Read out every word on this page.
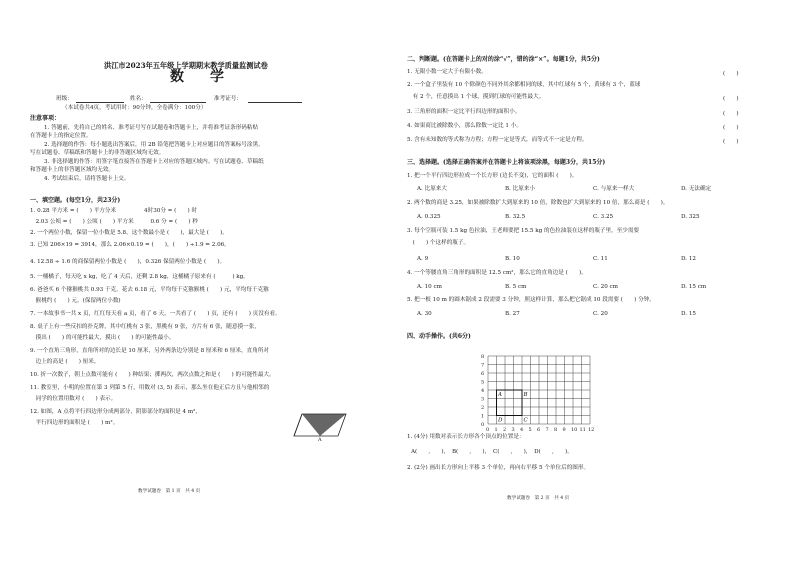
洪江市2023年五年级上学期期末教学质量监测试卷
数　学
班级：	姓名：	准考证号：
（本试卷共4页，考试用时：90分钟，全卷满分：100分）
注意事项：
1. 答题前，先将自己的姓名、准考证号写在试题卷和答题卡上，并将准考证条形码粘贴
在答题卡上的指定位置。
2. 选择题的作答：每小题选出答案后，用 2B 铅笔把答题卡上对应题目的答案标号涂黑。
写在试题卷、草稿纸和答题卡上的非答题区域均无效。
3. 非选择题的作答：用签字笔直接答在答题卡上对应的答题区域内。写在试题卷、草稿纸
和答题卡上的非答题区域均无效。
4. 考试结束后，请将答题卡上交。
一、填空题。(每空1分，共23分)
1. 0.28 平方米 = (　　) 平方分米　　　　　4时30分 = (　　) 时
　2.03 公顷 = (　　) 公顷 (　　) 平方米　　　0.6 分 = (　　) 秒
2. 一个两位小数，保留一位小数是 5.8，这个数最小是 (　　)，最大是 (　　)。
3. 已知 206×19 = 3914，那么 2.06×0.19 = (　　)，(　　) ÷1.9 = 2.06。
4. 12.58 ÷ 1.6 的商保留两位小数是 (　　)，0.326 保留两位小数是 (　　)。
5. 一桶橘子，每天吃 x kg，吃了 4 天后，还剩 2.8 kg，这桶橘子原来有 (　　　) kg。
6. 爸爸买 6 个猕猴桃共 0.93 千克，花去 6.18 元，平均每千克猕猴桃 (　　) 元，平均每千克猕
　猴桃约 (　　) 元。(保留两位小数)
7. 一本故事书一共 x 页，红红每天看 a 页，看了 6 天，一共看了 (　　) 页，还有 (　　) 页没有看。
8. 桌子上有一些反扣的扑克牌，其中红桃有 3 张，黑桃有 9 张，方片有 6 张，随意摸一张，
　摸出 (　　) 的可能性最大，摸出 (　　) 的可能性最小。
9. 一个直角三角形，直角所对的边长是 10 厘米，另外两条边分别是 8 厘米和 6 厘米，直角所对
　边上的高是 (　　) 厘米。
10. 折一次数子，朝上点数可能有 (　　) 种结果；掷两次，两次点数之和是 (　　) 的可能性最大。
11. 教室里，小明的位置在第 3 列第 5 行，用数对 (3, 5) 表示，那么坐在他正后方且与他相邻的
　同学的位置用数对 (　　) 表示。
12. 如图，A 点将平行四边形分成两部分，阴影部分的面积是 4 m²，
　平行四边形的面积是 (　　) m²。
A
数学试题卷　第 1 页　共 4 页
二、判断题。(在答题卡上的对的涂“√”，错的涂“×”。每题1分，共5分)
1. 无限小数一定大于有限小数。
2. 一个盒子里装有 10 个除颜色不同外其余都相同的球，其中红球有 5 个，黄球有 3 个，蓝球
　有 2 个，任意摸出 1 个球，摸到红球的可能性最大。
3. 三角形的面积一定比平行四边形的面积小。
4. 如果商比被除数小，那么除数一定比 1 小。
5. 含有未知数的等式称为方程；方程一定是等式，而等式不一定是方程。
(　　)
(　　)
(　　)
(　　)
(　　)
三、选择题。(选择正确答案并在答题卡上将该项涂黑，每题3分，共15分)
1. 把一个平行四边形拉成一个长方形 (边长不变)，它的面积 (　　)。
A. 比原来大	B. 比原来小	C. 与原来一样大	D. 无法确定
2. 两个数的商是 3.25，如果被除数扩大到原来的 10 倍，除数也扩大到原来的 10 倍，那么商是 (　　)。
A. 0.325	B. 32.5	C. 3.25	D. 325
3. 每个空瓶可装 1.5 kg 色拉油，王老师要把 15.5 kg 的色拉油装在这样的瓶子里，至少需要
　(　　) 个这样的瓶子。
A. 9	B. 10	C. 11	D. 12
4. 一个等腰直角三角形的面积是 12.5 cm²，那么它的直角边是 (　　)。
A. 10 cm	B. 5 cm	C. 20 cm	D. 15 cm
5. 把一根 10 m 的圆木锯成 2 段需要 3 分钟，照这样计算，那么把它锯成 10 段需要 (　　) 分钟。
A. 30	B. 27	C. 20	D. 15
四、动手操作。(共6分)
1. (4分) 用数对表示长方形各个顶点的位置是：
A(　　,　　)，　B(　　,　　)，　C(　　,　　)，　D(　　,　　)。
2. (2分) 画出长方形向上平移 3 个单位，再向右平移 5 个单位后的图形。
数学试题卷　第 2 页　共 4 页
0 1 2 3 4 5 6 7 8 9 10 11 12
8
7
6
5
4
3
2
1
0
A	B
D	C
